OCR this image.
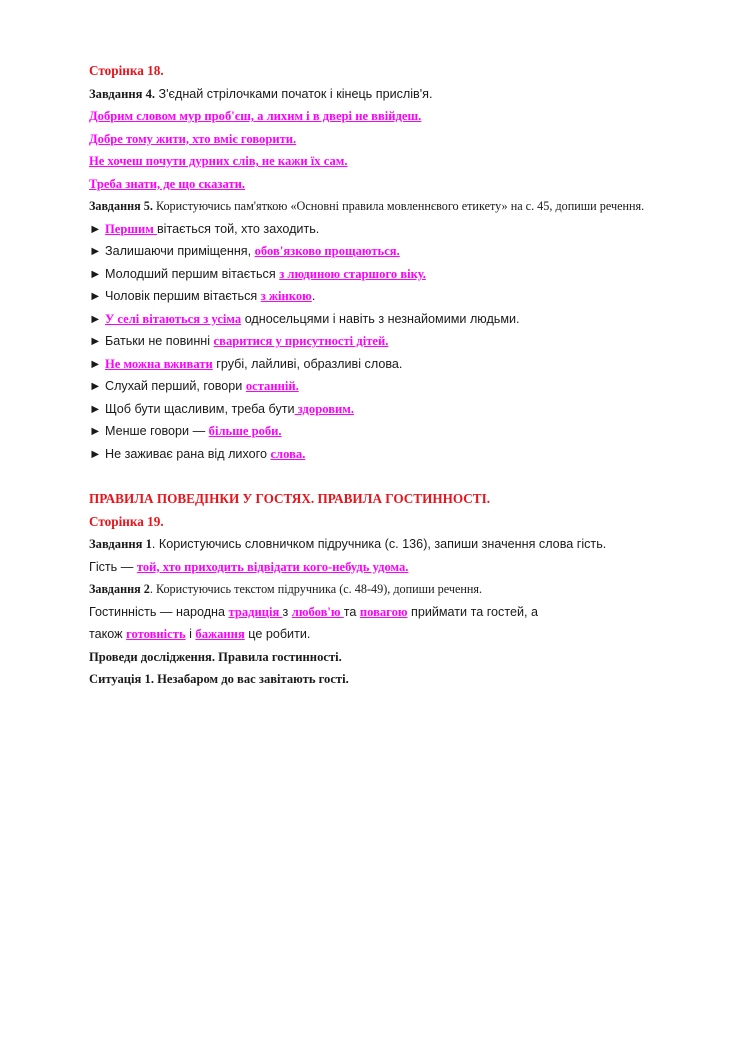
Сторінка 18.
Завдання 4. З'єднай стрілочками початок і кінець прислів'я.
Добрим словом мур проб'єш, а лихим і в двері не ввійдеш.
Добре тому жити, хто вміє говорити.
Не хочеш почути дурних слів, не кажи їх сам.
Треба знати, де що сказати.
Завдання 5. Користуючись пам'яткою «Основні правила мовленнєвого етикету» на с. 45, допиши речення.
► Першим вітається той, хто заходить.
► Залишаючи приміщення, обов'язково прощаються.
► Молодший першим вітається з людиною старшого віку.
► Чоловік першим вітається з жінкою.
► У селі вітаються з усіма односельцями і навіть з незнайомими людьми.
► Батьки не повинні сваритися у присутності дітей.
► Не можна вживати грубі, лайливі, образливі слова.
► Слухай перший, говори останній.
► Щоб бути щасливим, треба бути здоровим.
► Менше говори — більше роби.
► Не заживає рана від лихого слова.
ПРАВИЛА ПОВЕДІНКИ У ГОСТЯХ. ПРАВИЛА ГОСТИННОСТІ.
Сторінка 19.
Завдання 1. Користуючись словничком підручника (с. 136), запиши значення слова гість.
Гість — той, хто приходить відвідати кого-небудь удома.
Завдання 2. Користуючись текстом підручника (с. 48-49), допиши речення.
Гостинність — народна традиція з любов'ю та повагою приймати та гостей, а
також готовність і бажання це робити.
Проведи дослідження. Правила гостинності.
Ситуація 1. Незабаром до вас завітають гості.
